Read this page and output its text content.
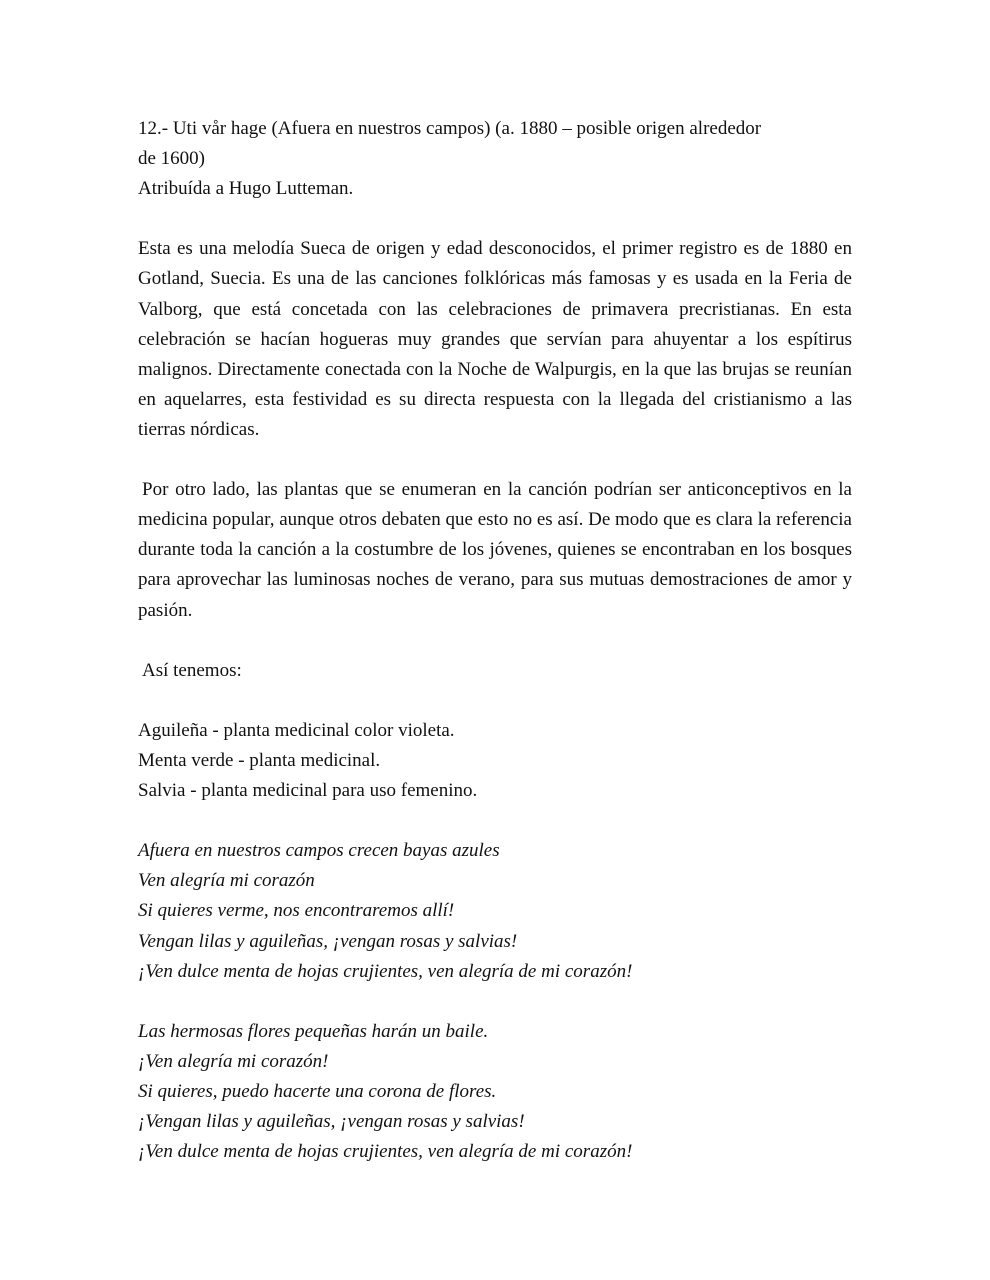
12.- Uti vår hage (Afuera en nuestros campos) (a. 1880 – posible origen alrededor
de 1600)
Atribuída a Hugo Lutteman.

Esta es una melodía Sueca de origen y edad desconocidos, el primer registro es de 1880 en Gotland, Suecia. Es una de las canciones folklóricas más famosas y es usada en la Feria de Valborg, que está concetada con las celebraciones de primavera precristianas. En esta celebración se hacían hogueras muy grandes que servían para ahuyentar a los espítirus malignos. Directamente conectada con la Noche de Walpurgis, en la que las brujas se reunían en aquelarres, esta festividad es su directa respuesta con la llegada del cristianismo a las tierras nórdicas.

Por otro lado, las plantas que se enumeran en la canción podrían ser anticonceptivos en la medicina popular, aunque otros debaten que esto no es así. De modo que es clara la referencia durante toda la canción a la costumbre de los jóvenes, quienes se encontraban en los bosques para aprovechar las luminosas noches de verano, para sus mutuas demostraciones de amor y pasión.

Así tenemos:

Aguileña - planta medicinal color violeta.
Menta verde - planta medicinal.
Salvia - planta medicinal para uso femenino.
Afuera en nuestros campos crecen bayas azules
Ven alegría mi corazón
Si quieres verme, nos encontraremos allí!
Vengan lilas y aguileñas, ¡vengan rosas y salvias!
¡Ven dulce menta de hojas crujientes, ven alegría de mi corazón!
Las hermosas flores pequeñas harán un baile.
¡Ven alegría mi corazón!
Si quieres, puedo hacerte una corona de flores.
¡Vengan lilas y aguileñas, ¡vengan rosas y salvias!
¡Ven dulce menta de hojas crujientes, ven alegría de mi corazón!
